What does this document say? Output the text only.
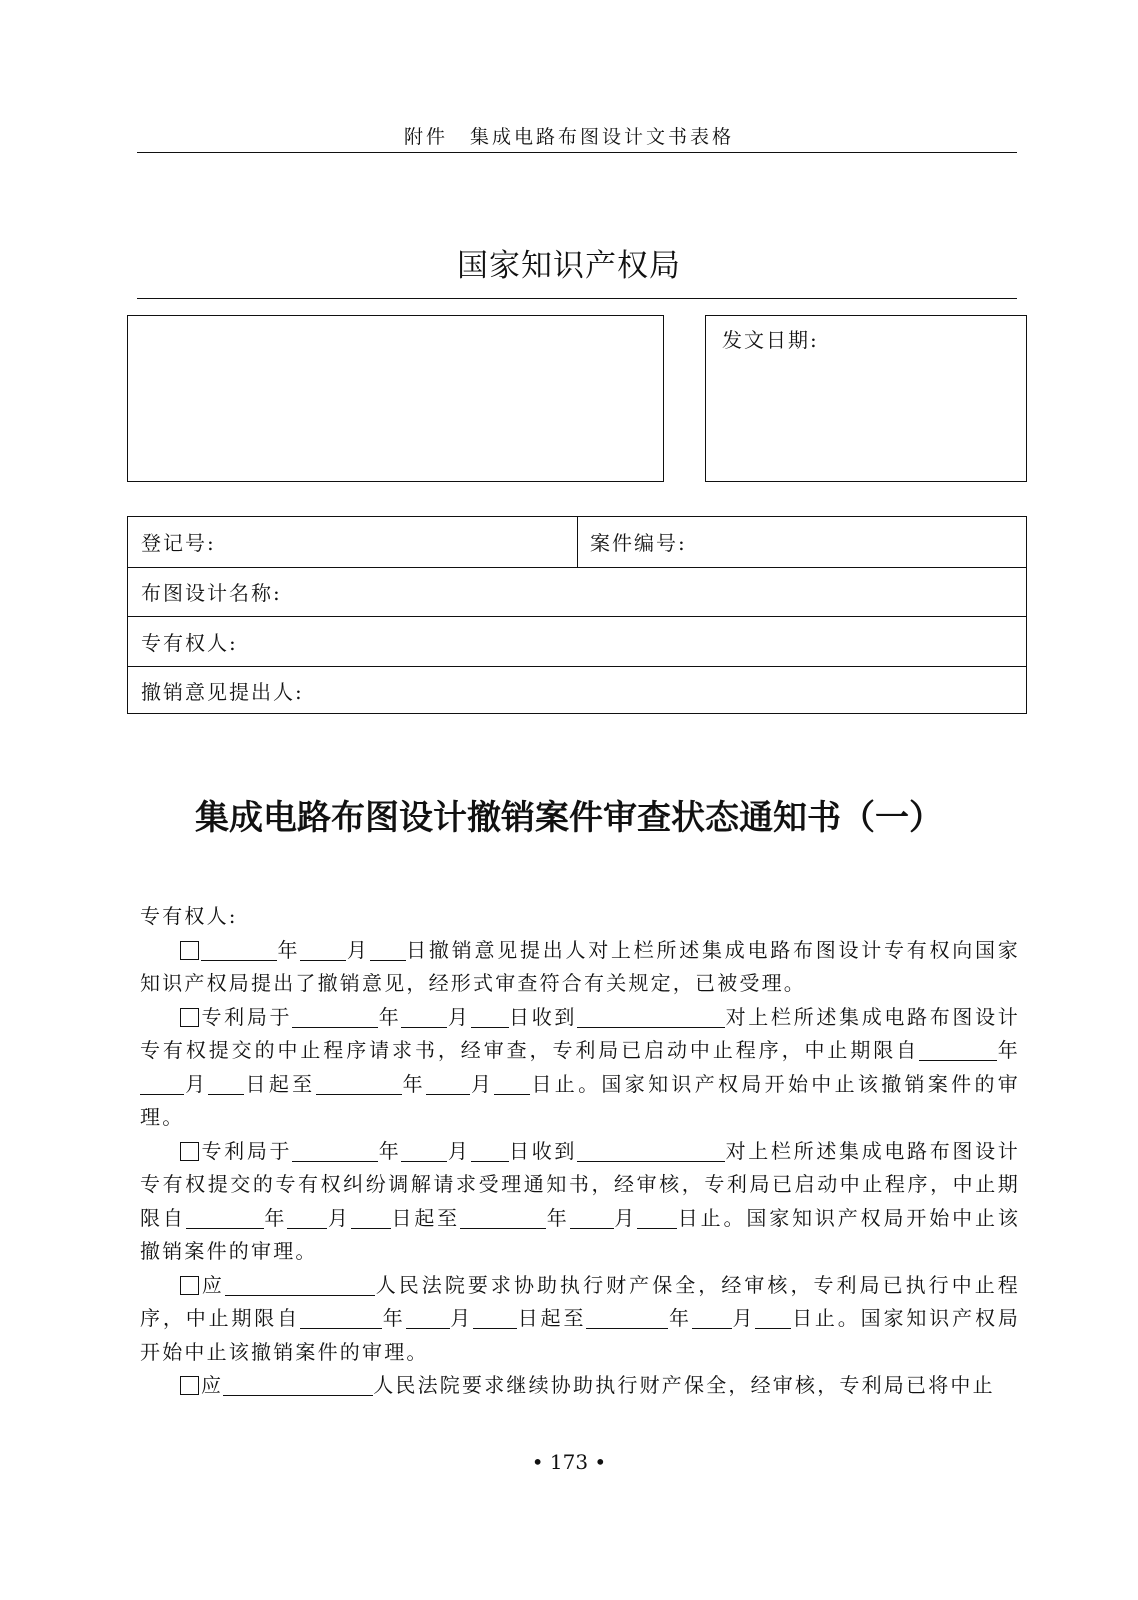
附件　集成电路布图设计文书表格
国家知识产权局
发文日期:
登记号:	案件编号:
布图设计名称:
专有权人:
撤销意见提出人:
集成电路布图设计撤销案件审查状态通知书（一）
专有权人:
年 月 日撤销意见提出人对上栏所述集成电路布图设计专有权向国家知识产权局提出了撤销意见，经形式审查符合有关规定，已被受理。
专利局于	年 月 日收到	对上栏所述集成电路布图设计专有权提交的中止程序请求书，经审查，专利局已启动中止程序，中止期限自	年月 日起至	年 月 日止。国家知识产权局开始中止该撤销案件的审理。
专利局于	年 月 日收到	对上栏所述集成电路布图设计专有权提交的专有权纠纷调解请求受理通知书，经审核，专利局已启动中止程序，中止期限自	年 月 日起至	年 月 日止。国家知识产权局开始中止该撤销案件的审理。
应	人民法院要求协助执行财产保全，经审核，专利局已执行中止程序，中止期限自	年 月 日起至	年 月 日止。国家知识产权局开始中止该撤销案件的审理。
应	人民法院要求继续协助执行财产保全，经审核，专利局已将中止
• 173 •
